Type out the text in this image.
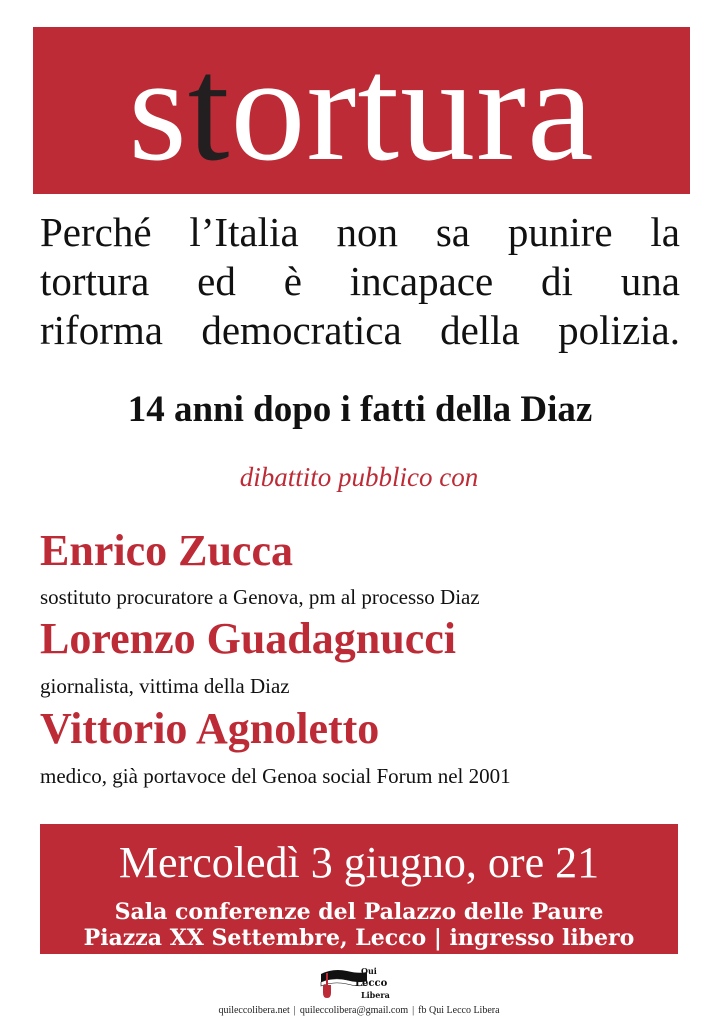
stortura
Perché l’Italia non sa punire la
tortura ed è incapace di una
riforma democratica della polizia.
14 anni dopo i fatti della Diaz
dibattito pubblico con
Enrico Zucca
sostituto procuratore a Genova, pm al processo Diaz
Lorenzo Guadagnucci
giornalista, vittima della Diaz
Vittorio Agnoletto
medico, già portavoce del Genoa social Forum nel 2001
Mercoledì 3 giugno, ore 21
Sala conferenze del Palazzo delle Paure
Piazza XX Settembre, Lecco | ingresso libero
Qui
Lecco
Libera
quileccolibera.net | quileccolibera@gmail.com | fb Qui Lecco Libera
